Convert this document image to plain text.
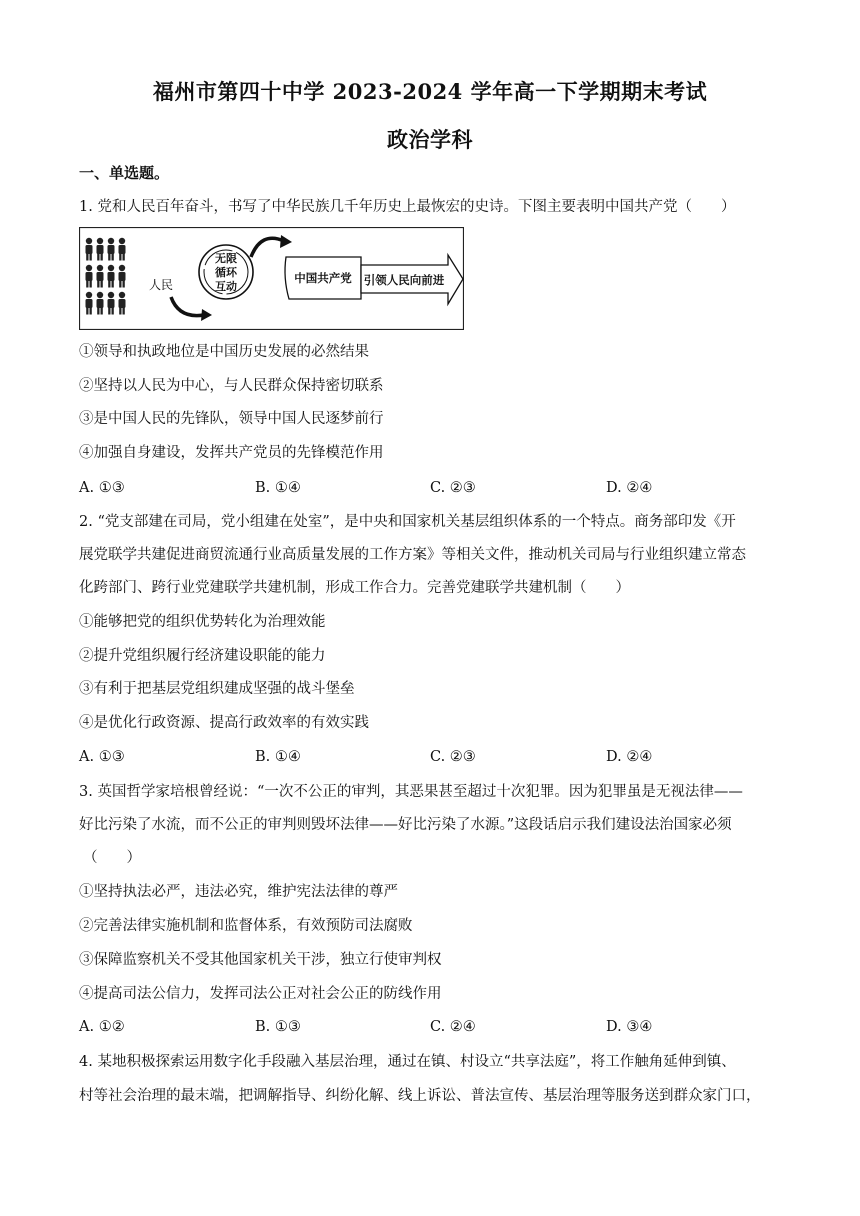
福州市第四十中学 2023-2024 学年高一下学期期末考试
政治学科
一、单选题。
1. 党和人民百年奋斗，书写了中华民族几千年历史上最恢宏的史诗。下图主要表明中国共产党（　　）
人民
无限
循环
互动
中国共产党 引领人民向前进
①领导和执政地位是中国历史发展的必然结果
②坚持以人民为中心，与人民群众保持密切联系
③是中国人民的先锋队，领导中国人民逐梦前行
④加强自身建设，发挥共产党员的先锋模范作用
A. ①③	B. ①④	C. ②③	D. ②④
2. “党支部建在司局，党小组建在处室”，是中央和国家机关基层组织体系的一个特点。商务部印发《开
展党联学共建促进商贸流通行业高质量发展的工作方案》等相关文件，推动机关司局与行业组织建立常态
化跨部门、跨行业党建联学共建机制，形成工作合力。完善党建联学共建机制（　　）
①能够把党的组织优势转化为治理效能
②提升党组织履行经济建设职能的能力
③有利于把基层党组织建成坚强的战斗堡垒
④是优化行政资源、提高行政效率的有效实践
A. ①③	B. ①④	C. ②③	D. ②④
3. 英国哲学家培根曾经说：“一次不公正的审判，其恶果甚至超过十次犯罪。因为犯罪虽是无视法律——
好比污染了水流，而不公正的审判则毁坏法律——好比污染了水源。”这段话启示我们建设法治国家必须
（　　）
①坚持执法必严，违法必究，维护宪法法律的尊严
②完善法律实施机制和监督体系，有效预防司法腐败
③保障监察机关不受其他国家机关干涉，独立行使审判权
④提高司法公信力，发挥司法公正对社会公正的防线作用
A. ①②	B. ①③	C. ②④	D. ③④
4. 某地积极探索运用数字化手段融入基层治理，通过在镇、村设立“共享法庭”，将工作触角延伸到镇、
村等社会治理的最末端，把调解指导、纠纷化解、线上诉讼、普法宣传、基层治理等服务送到群众家门口，
